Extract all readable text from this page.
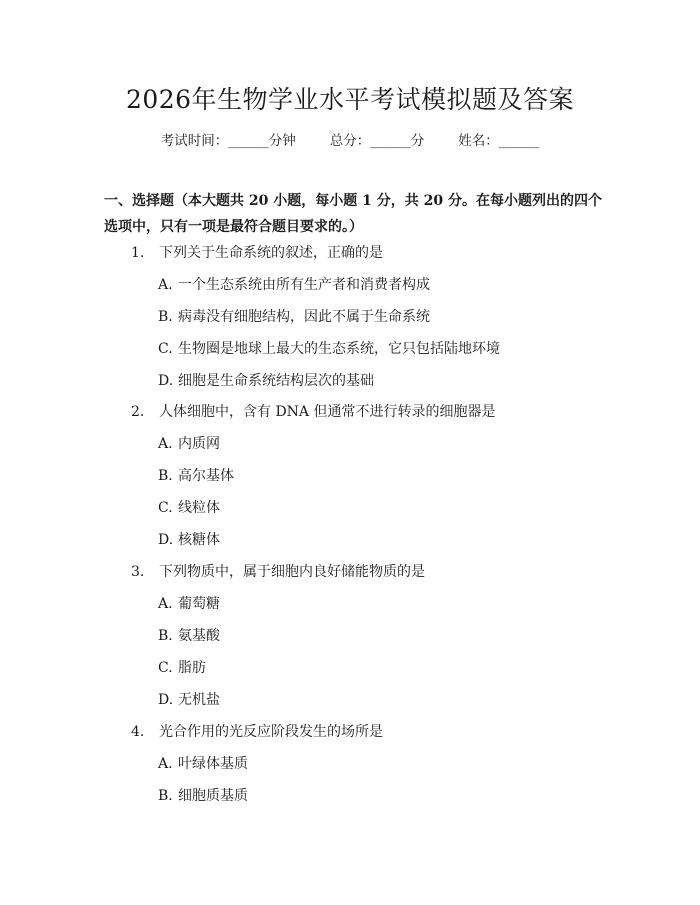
2026年生物学业水平考试模拟题及答案
考试时间：______分钟	总分：______分	姓名：______
一、选择题（本大题共 20 小题，每小题 1 分，共 20 分。在每小题列出的四个选项中，只有一项是最符合题目要求的。）
1. 下列关于生命系统的叙述，正确的是
A. 一个生态系统由所有生产者和消费者构成
B. 病毒没有细胞结构，因此不属于生命系统
C. 生物圈是地球上最大的生态系统，它只包括陆地环境
D. 细胞是生命系统结构层次的基础
2. 人体细胞中，含有 DNA 但通常不进行转录的细胞器是
A. 内质网
B. 高尔基体
C. 线粒体
D. 核糖体
3. 下列物质中，属于细胞内良好储能物质的是
A. 葡萄糖
B. 氨基酸
C. 脂肪
D. 无机盐
4. 光合作用的光反应阶段发生的场所是
A. 叶绿体基质
B. 细胞质基质
